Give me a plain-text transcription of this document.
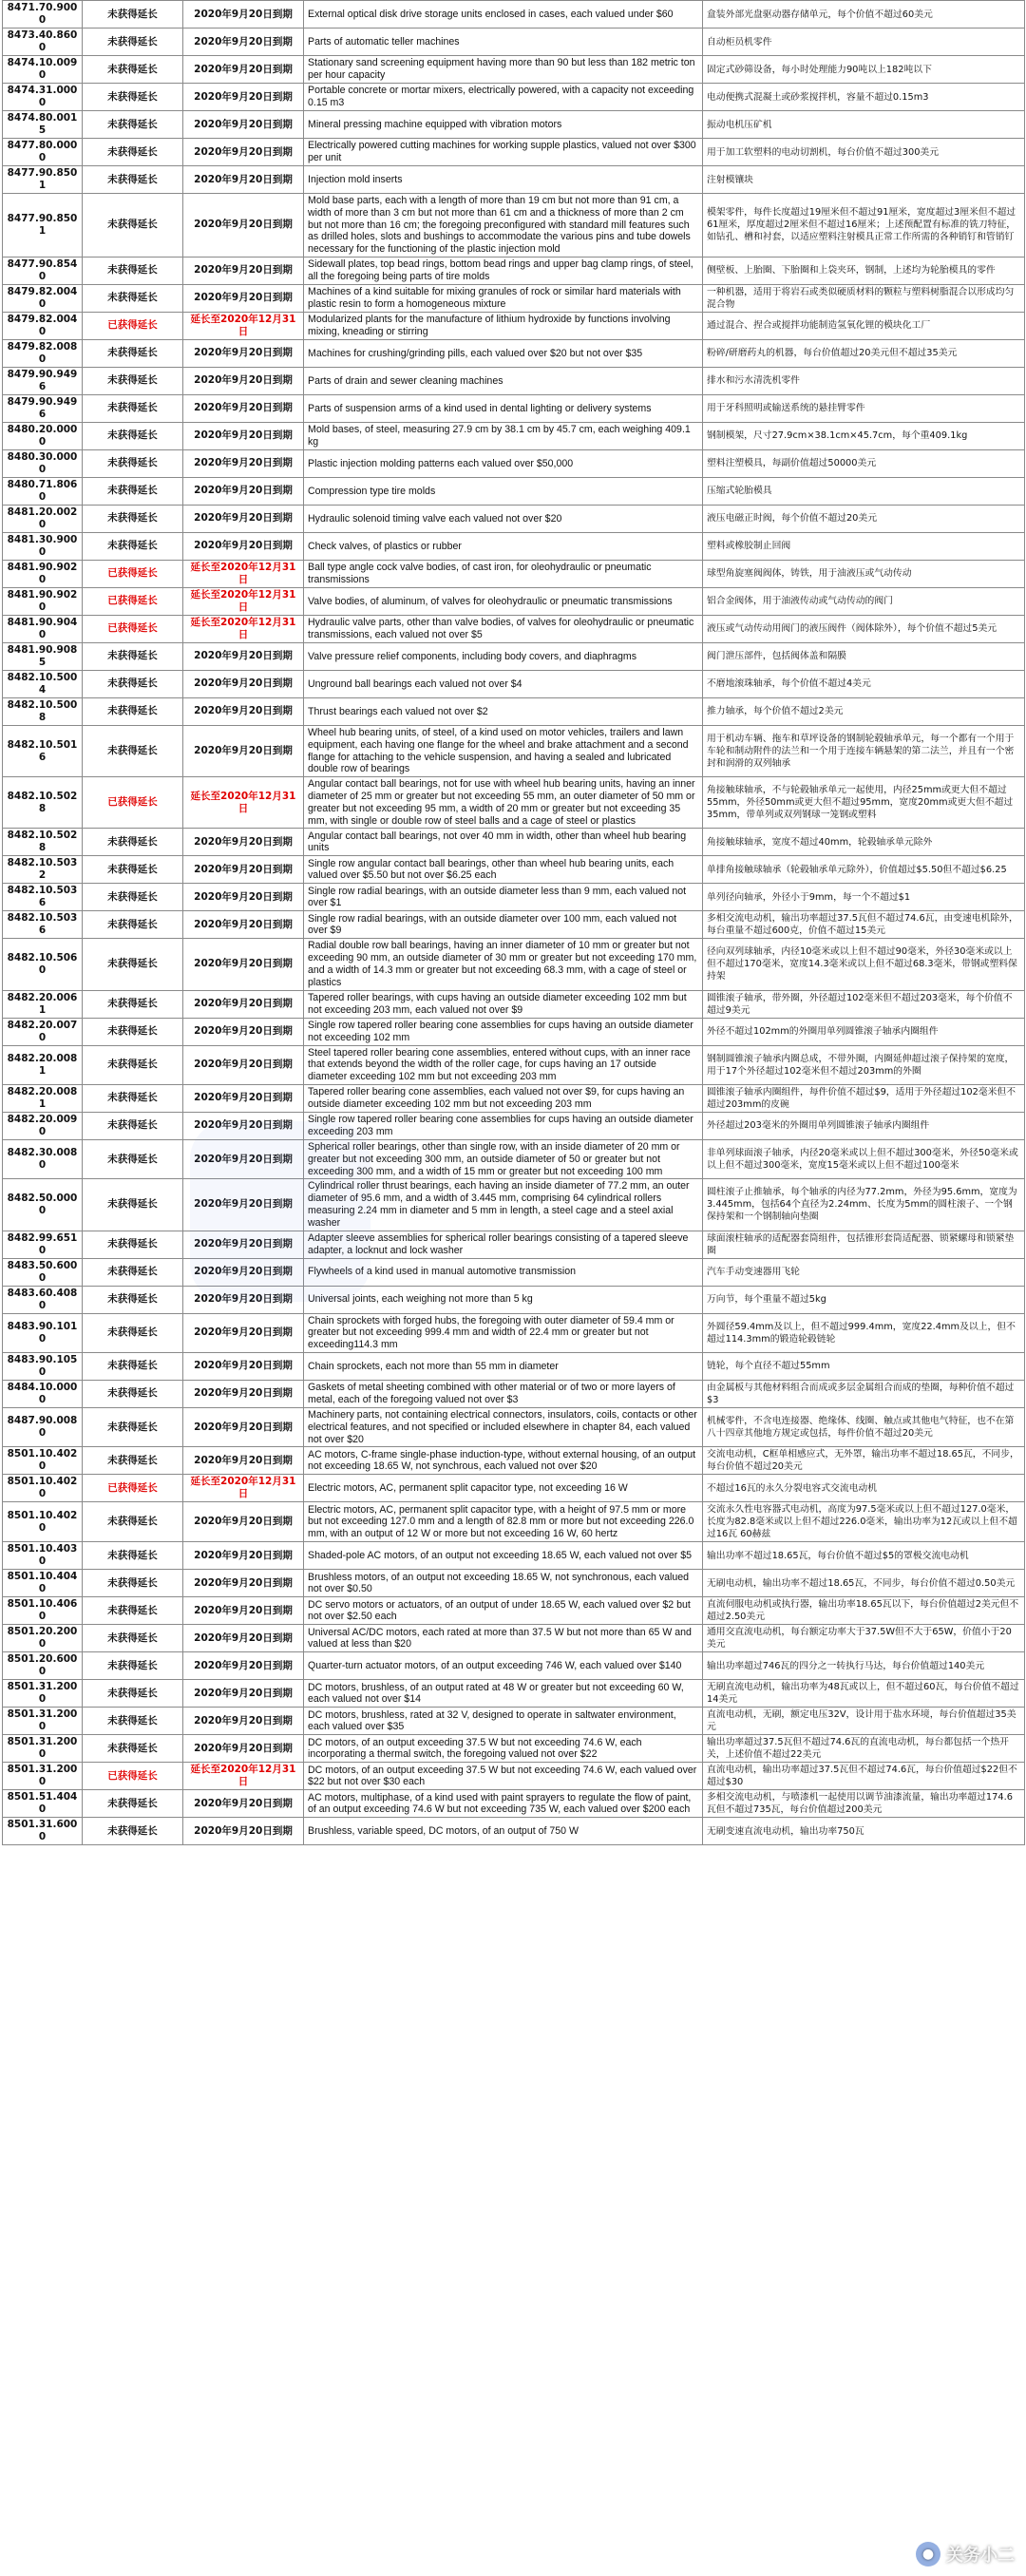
8471.70.9000	未获得延长	2020年9月20日到期	External optical disk drive storage units enclosed in cases, each valued under $60	盒装外部光盘驱动器存储单元，每个价值不超过60美元
8473.40.8600	未获得延长	2020年9月20日到期	Parts of automatic teller machines	自动柜员机零件
8474.10.0090	未获得延长	2020年9月20日到期	Stationary sand screening equipment having more than 90 but less than 182 metric ton per hour capacity	固定式砂筛设备，每小时处理能力90吨以上182吨以下
8474.31.0000	未获得延长	2020年9月20日到期	Portable concrete or mortar mixers, electrically powered, with a capacity not exceeding 0.15 m3	电动便携式混凝土或砂浆搅拌机，容量不超过0.15m3
8474.80.0015	未获得延长	2020年9月20日到期	Mineral pressing machine equipped with vibration motors	振动电机压矿机
8477.80.0000	未获得延长	2020年9月20日到期	Electrically powered cutting machines for working supple plastics, valued not over $300 per unit	用于加工软塑料的电动切割机，每台价值不超过300美元
8477.90.8501	未获得延长	2020年9月20日到期	Injection mold inserts	注射模镶块
8477.90.8501	未获得延长	2020年9月20日到期	Mold base parts, each with a length of more than 19 cm but not more than 91 cm, a width of more than 3 cm but not more than 61 cm and a thickness of more than 2 cm but not more than 16 cm; the foregoing preconfigured with standard mill features such as drilled holes, slots and bushings to accommodate the various pins and tube dowels necessary for the functioning of the plastic injection mold	模架零件，每件长度超过19厘米但不超过91厘米，宽度超过3厘米但不超过61厘米，厚度超过2厘米但不超过16厘米；上述预配置有标准的铣刀特征，如钻孔、槽和衬套，以适应塑料注射模具正常工作所需的各种销钉和管销钉
8477.90.8540	未获得延长	2020年9月20日到期	Sidewall plates, top bead rings, bottom bead rings and upper bag clamp rings, of steel, all the foregoing being parts of tire molds	侧壁板、上胎圈、下胎圈和上袋夹环，钢制，上述均为轮胎模具的零件
8479.82.0040	未获得延长	2020年9月20日到期	Machines of a kind suitable for mixing granules of rock or similar hard materials with plastic resin to form a homogeneous mixture	一种机器，适用于将岩石或类似硬质材料的颗粒与塑料树脂混合以形成均匀混合物
8479.82.0040	已获得延长	延长至2020年12月31日	Modularized plants for the manufacture of lithium hydroxide by functions involving mixing, kneading or stirring	通过混合、捏合或搅拌功能制造氢氧化锂的模块化工厂
8479.82.0080	未获得延长	2020年9月20日到期	Machines for crushing/grinding pills, each valued over $20 but not over $35	粉碎/研磨药丸的机器，每台价值超过20美元但不超过35美元
8479.90.9496	未获得延长	2020年9月20日到期	Parts of drain and sewer cleaning machines	排水和污水清洗机零件
8479.90.9496	未获得延长	2020年9月20日到期	Parts of suspension arms of a kind used in dental lighting or delivery systems	用于牙科照明或输送系统的悬挂臂零件
8480.20.0000	未获得延长	2020年9月20日到期	Mold bases, of steel, measuring 27.9 cm by 38.1 cm by 45.7 cm, each weighing 409.1 kg	钢制模架，尺寸27.9cm×38.1cm×45.7cm，每个重409.1kg
8480.30.0000	未获得延长	2020年9月20日到期	Plastic injection molding patterns each valued over $50,000	塑料注塑模具，每副价值超过50000美元
8480.71.8060	未获得延长	2020年9月20日到期	Compression type tire molds	压缩式轮胎模具
8481.20.0020	未获得延长	2020年9月20日到期	Hydraulic solenoid timing valve each valued not over $20	液压电磁正时阀，每个价值不超过20美元
8481.30.9000	未获得延长	2020年9月20日到期	Check valves, of plastics or rubber	塑料或橡胶制止回阀
8481.90.9020	已获得延长	延长至2020年12月31日	Ball type angle cock valve bodies, of cast iron, for oleohydraulic or pneumatic transmissions	球型角旋塞阀阀体，铸铁，用于油液压或气动传动
8481.90.9020	已获得延长	延长至2020年12月31日	Valve bodies, of aluminum, of valves for oleohydraulic or pneumatic transmissions	铝合金阀体，用于油液传动或气动传动的阀门
8481.90.9040	已获得延长	延长至2020年12月31日	Hydraulic valve parts, other than valve bodies, of valves for oleohydraulic or pneumatic transmissions, each valued not over $5	液压或气动传动用阀门的液压阀件（阀体除外），每个价值不超过5美元
8481.90.9085	未获得延长	2020年9月20日到期	Valve pressure relief components, including body covers, and diaphragms	阀门泄压部件，包括阀体盖和隔膜
8482.10.5004	未获得延长	2020年9月20日到期	Unground ball bearings each valued not over $4	不磨地滚珠轴承，每个价值不超过4美元
8482.10.5008	未获得延长	2020年9月20日到期	Thrust bearings each valued not over $2	推力轴承，每个价值不超过2美元
8482.10.5016	未获得延长	2020年9月20日到期	Wheel hub bearing units, of steel, of a kind used on motor vehicles, trailers and lawn equipment, each having one flange for the wheel and brake attachment and a second flange for attaching to the vehicle suspension, and having a sealed and lubricated double row of bearings	用于机动车辆、拖车和草坪设备的钢制轮毂轴承单元，每一个都有一个用于车轮和制动附件的法兰和一个用于连接车辆悬架的第二法兰，并且有一个密封和润滑的双列轴承
8482.10.5028	已获得延长	延长至2020年12月31日	Angular contact ball bearings, not for use with wheel hub bearing units, having an inner diameter of 25 mm or greater but not exceeding 55 mm, an outer diameter of 50 mm or greater but not exceeding 95 mm, a width of 20 mm or greater but not exceeding 35 mm, with single or double row of steel balls and a cage of steel or plastics	角接触球轴承，不与轮毂轴承单元一起使用，内径25mm或更大但不超过55mm，外径50mm或更大但不超过95mm，宽度20mm或更大但不超过35mm，带单列或双列钢球一笼钢或塑料
8482.10.5028	未获得延长	2020年9月20日到期	Angular contact ball bearings, not over 40 mm in width, other than wheel hub bearing units	角接触球轴承，宽度不超过40mm，轮毂轴承单元除外
8482.10.5032	未获得延长	2020年9月20日到期	Single row angular contact ball bearings, other than wheel hub bearing units, each valued over $5.50 but not over $6.25 each	单排角接触球轴承（轮毂轴承单元除外），价值超过$5.50但不超过$6.25
8482.10.5036	未获得延长	2020年9月20日到期	Single row radial bearings, with an outside diameter less than 9 mm, each valued not over $1	单列径向轴承，外径小于9mm，每一个不超过$1
8482.10.5036	未获得延长	2020年9月20日到期	Single row radial bearings, with an outside diameter over 100 mm, each valued not over $9	多相交流电动机，输出功率超过37.5瓦但不超过74.6瓦，由变速电机除外，每台重量不超过600克，价值不超过15美元
8482.10.5060	未获得延长	2020年9月20日到期	Radial double row ball bearings, having an inner diameter of 10 mm or greater but not exceeding 90 mm, an outside diameter of 30 mm or greater but not exceeding 170 mm, and a width of 14.3 mm or greater but not exceeding 68.3 mm, with a cage of steel or plastics	径向双列球轴承，内径10毫米或以上但不超过90毫米，外径30毫米或以上但不超过170毫米，宽度14.3毫米或以上但不超过68.3毫米，带钢或塑料保持架
8482.20.0061	未获得延长	2020年9月20日到期	Tapered roller bearings, with cups having an outside diameter exceeding 102 mm but not exceeding 203 mm, each valued not over $9	圆锥滚子轴承，带外圈，外径超过102毫米但不超过203毫米，每个价值不超过9美元
8482.20.0070	未获得延长	2020年9月20日到期	Single row tapered roller bearing cone assemblies for cups having an outside diameter not exceeding 102 mm	外径不超过102mm的外圈用单列圆锥滚子轴承内圈组件
8482.20.0081	未获得延长	2020年9月20日到期	Steel tapered roller bearing cone assemblies, entered without cups, with an inner race that extends beyond the width of the roller cage, for cups having an 17 outside diameter exceeding 102 mm but not exceeding 203 mm	钢制圆锥滚子轴承内圈总成，不带外圈，内圈延伸超过滚子保持架的宽度，用于17个外径超过102毫米但不超过203mm的外圈
8482.20.0081	未获得延长	2020年9月20日到期	Tapered roller bearing cone assemblies, each valued not over $9, for cups having an outside diameter exceeding 102 mm but not exceeding 203 mm	圆锥滚子轴承内圈组件，每件价值不超过$9，适用于外径超过102毫米但不超过203mm的皮碗
8482.20.0090	未获得延长	2020年9月20日到期	Single row tapered roller bearing cone assemblies for cups having an outside diameter exceeding 203 mm	外径超过203毫米的外圈用单列圆锥滚子轴承内圈组件
8482.30.0080	未获得延长	2020年9月20日到期	Spherical roller bearings, other than single row, with an inside diameter of 20 mm or greater but not exceeding 300 mm, an outside diameter of 50 or greater but not exceeding 300 mm, and a width of 15 mm or greater but not exceeding 100 mm	非单列球面滚子轴承，内径20毫米或以上但不超过300毫米，外径50毫米或以上但不超过300毫米，宽度15毫米或以上但不超过100毫米
8482.50.0000	未获得延长	2020年9月20日到期	Cylindrical roller thrust bearings, each having an inside diameter of 77.2 mm, an outer diameter of 95.6 mm, and a width of 3.445 mm, comprising 64 cylindrical rollers measuring 2.24 mm in diameter and 5 mm in length, a steel cage and a steel axial washer	圆柱滚子止推轴承，每个轴承的内径为77.2mm，外径为95.6mm，宽度为3.445mm，包括64个直径为2.24mm、长度为5mm的圆柱滚子、一个钢保持架和一个钢制轴向垫圈
8482.99.6510	未获得延长	2020年9月20日到期	Adapter sleeve assemblies for spherical roller bearings consisting of a tapered sleeve adapter, a locknut and lock washer	球面滚柱轴承的适配器套筒组件，包括锥形套筒适配器、锁紧螺母和锁紧垫圈
8483.50.6000	未获得延长	2020年9月20日到期	Flywheels of a kind used in manual automotive transmission	汽车手动变速器用飞轮
8483.60.4080	未获得延长	2020年9月20日到期	Universal joints, each weighing not more than 5 kg	万向节，每个重量不超过5kg
8483.90.1010	未获得延长	2020年9月20日到期	Chain sprockets with forged hubs, the foregoing with outer diameter of 59.4 mm or greater but not exceeding 999.4 mm and width of 22.4 mm or greater but not exceeding114.3 mm	外圆径59.4mm及以上，但不超过999.4mm，宽度22.4mm及以上，但不超过114.3mm的锻造轮毂链轮
8483.90.1050	未获得延长	2020年9月20日到期	Chain sprockets, each not more than 55 mm in diameter	链轮，每个直径不超过55mm
8484.10.0000	未获得延长	2020年9月20日到期	Gaskets of metal sheeting combined with other material or of two or more layers of metal, each of the foregoing valued not over $3	由金属板与其他材料组合而成或多层金属组合而成的垫圈，每种价值不超过$3
8487.90.0080	未获得延长	2020年9月20日到期	Machinery parts, not containing electrical connectors, insulators, coils, contacts or other electrical features, and not specified or included elsewhere in chapter 84, each valued not over $20	机械零件，不含电连接器、绝缘体、线圈、触点或其他电气特征，也不在第八十四章其他地方规定或包括，每件价值不超过20美元
8501.10.4020	未获得延长	2020年9月20日到期	AC motors, C-frame single-phase induction-type, without external housing, of an output not exceeding 18.65 W, not synchrous, each valued not over $20	交流电动机，C框单相感应式，无外罩，输出功率不超过18.65瓦，不同步，每台价值不超过20美元
8501.10.4020	已获得延长	延长至2020年12月31日	Electric motors, AC, permanent split capacitor type, not exceeding 16 W	不超过16瓦的永久分裂电容式交流电动机
8501.10.4020	未获得延长	2020年9月20日到期	Electric motors, AC, permanent split capacitor type, with a height of 97.5 mm or more but not exceeding 127.0 mm and a length of 82.8 mm or more but not exceeding 226.0 mm, with an output of 12 W or more but not exceeding 16 W, 60 hertz	交流永久性电容器式电动机，高度为97.5毫米或以上但不超过127.0毫米，长度为82.8毫米或以上但不超过226.0毫米，输出功率为12瓦或以上但不超过16瓦 60赫兹
8501.10.4030	未获得延长	2020年9月20日到期	Shaded-pole AC motors, of an output not exceeding 18.65 W, each valued not over $5	输出功率不超过18.65瓦，每台价值不超过$5的罩极交流电动机
8501.10.4040	未获得延长	2020年9月20日到期	Brushless motors, of an output not exceeding 18.65 W, not synchronous, each valued not over $0.50	无刷电动机，输出功率不超过18.65瓦，不同步，每台价值不超过0.50美元
8501.10.4060	未获得延长	2020年9月20日到期	DC servo motors or actuators, of an output of under 18.65 W, each valued over $2 but not over $2.50 each	直流伺服电动机或执行器，输出功率18.65瓦以下，每台价值超过2美元但不超过2.50美元
8501.20.2000	未获得延长	2020年9月20日到期	Universal AC/DC motors, each rated at more than 37.5 W but not more than 65 W and valued at less than $20	通用交直流电动机，每台额定功率大于37.5W但不大于65W，价值小于20美元
8501.20.6000	未获得延长	2020年9月20日到期	Quarter-turn actuator motors, of an output exceeding 746 W, each valued over $140	输出功率超过746瓦的四分之一转执行马达，每台价值超过140美元
8501.31.2000	未获得延长	2020年9月20日到期	DC motors, brushless, of an output rated at 48 W or greater but not exceeding 60 W, each valued not over $14	无刷直流电动机，输出功率为48瓦或以上，但不超过60瓦，每台价值不超过14美元
8501.31.2000	未获得延长	2020年9月20日到期	DC motors, brushless, rated at 32 V, designed to operate in saltwater environment, each valued over $35	直流电动机，无刷，额定电压32V，设计用于盐水环境，每台价值超过35美元
8501.31.2000	未获得延长	2020年9月20日到期	DC motors, of an output exceeding 37.5 W but not exceeding 74.6 W, each incorporating a thermal switch, the foregoing valued not over $22	输出功率超过37.5瓦但不超过74.6瓦的直流电动机，每台都包括一个热开关，上述价值不超过22美元
8501.31.2000	已获得延长	延长至2020年12月31日	DC motors, of an output exceeding 37.5 W but not exceeding 74.6 W, each valued over $22 but not over $30 each	直流电动机，输出功率超过37.5瓦但不超过74.6瓦，每台价值超过$22但不超过$30
8501.51.4040	未获得延长	2020年9月20日到期	AC motors, multiphase, of a kind used with paint sprayers to regulate the flow of paint, of an output exceeding 74.6 W but not exceeding 735 W, each valued over $200 each	多相交流电动机，与喷漆机一起使用以调节油漆流量，输出功率超过174.6瓦但不超过735瓦，每台价值超过200美元
8501.31.6000	未获得延长	2020年9月20日到期	Brushless, variable speed, DC motors, of an output of 750 W	无刷变速直流电动机，输出功率750瓦
● 关务小二
